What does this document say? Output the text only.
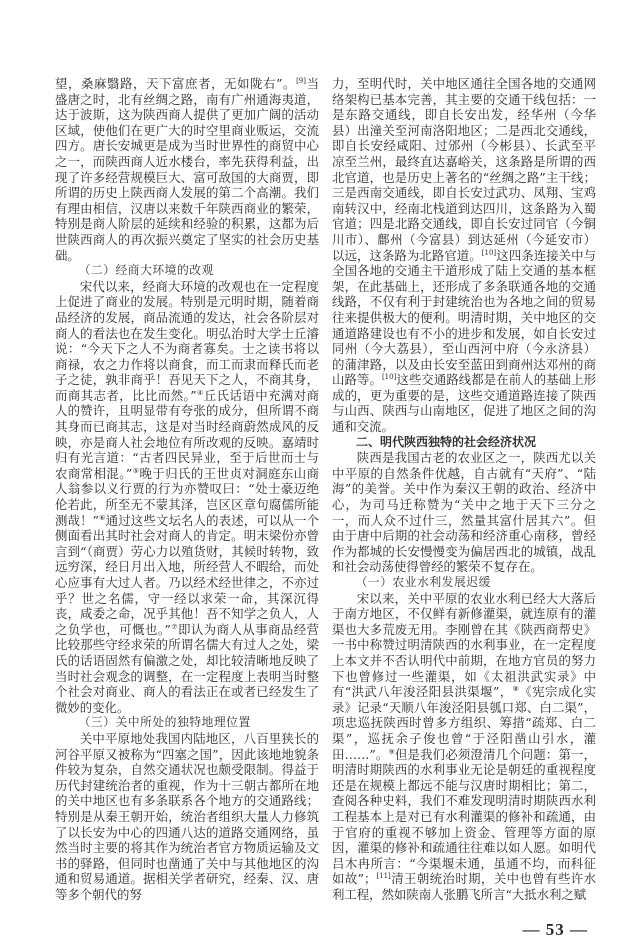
望，桑麻翳路，天下富庶者，无如陇右”。[9]当盛唐之时，北有丝绸之路，南有广州通海夷道，达于波斯，这为陕西商人提供了更加广阔的活动区域，使他们在更广大的时空里商业贩运，交流四方。唐长安城更是成为当时世界性的商贸中心之一，而陕西商人近水楼台，率先获得利益，出现了许多经营规模巨大、富可敌国的大商贾，即所谓的历史上陕西商人发展的第二个高潮。我们有理由相信，汉唐以来数千年陕西商业的繁荣，特别是商人阶层的延续和经验的积累，这都为后世陕西商人的再次振兴奠定了坚实的社会历史基础。

（二）经商大环境的改观

宋代以来，经商大环境的改观也在一定程度上促进了商业的发展。特别是元明时期，随着商品经济的发展，商品流通的发达，社会各阶层对商人的看法也在发生变化。明弘治时大学士丘濬说：“今天下之人不为商者寡矣。士之读书将以商禄，农之力作将以商食，而工而隶而释氏而老子之徒，孰非商乎！吾见天下之人，不商其身，而商其志者，比比而然。”④丘氏话语中充满对商人的赞许，且明显带有夸张的成分，但所谓不商其身而已商其志，这是对当时经商蔚然成风的反映，亦是商人社会地位有所改观的反映。嘉靖时归有光言道：“古者四民异业，至于后世而士与农商常相混。”⑤晚于归氏的王世贞对洞庭东山商人翁参以义行贾的行为亦赞叹曰：“处士豪迈绝伦若此，所至无不蒙其泽，岂区区章句腐儒所能测哉！”⑥通过这些文坛名人的表述，可以从一个侧面看出其时社会对商人的肯定。明末梁份亦曾言到“（商贾）劳心力以殖货财，其候时转物，致远穷深，经日月出入地，所经营人不暇给，而处心应事有大过人者。乃以经术经世律之，不亦过乎？世之名儒，守一经以求荣一命，其深沉得丧，咸委之命，况乎其他！吾不知学之负人，人之负学也，可慨也。”⑦即认为商人从事商品经营比较那些守经求荣的所谓名儒大有过人之处，梁氏的话语固然有偏激之处，却比较清晰地反映了当时社会观念的调整，在一定程度上表明当时整个社会对商业、商人的看法正在或者已经发生了微妙的变化。

（三）关中所处的独特地理位置

关中平原地处我国内陆地区，八百里狭长的河谷平原又被称为“四塞之国”，因此该地地貌条件较为复杂，自然交通状况也颇受限制。得益于历代封建统治者的重视，作为十三朝古都所在地的关中地区也有多条联系各个地方的交通路线；特别是从秦王朝开始，统治者组织大量人力修筑了以长安为中心的四通八达的道路交通网络，虽然当时主要的将其作为统治者官方物质运输及文书的驿路，但同时也凿通了关中与其他地区的沟通和贸易通道。据相关学者研究，经秦、汉、唐等多个朝代的努

力，至明代时，关中地区通往全国各地的交通网络架构已基本完善，其主要的交通干线包括：一是东路交通线，即自长安出发，经华州（今华县）出潼关至河南洛阳地区；二是西北交通线，即自长安经咸阳、过邠州（今彬县）、长武至平凉至兰州，最终直达嘉峪关，这条路是所谓的西北官道，也是历史上著名的“丝绸之路”主干线；三是西南交通线，即自长安过武功、凤翔、宝鸡南转汉中，经南北栈道到达四川，这条路为入蜀官道；四是北路交通线，即自长安过同官（今铜川市）、鄜州（今富县）到达延州（今延安市）以远，这条路为北路官道。[10]这四条连接关中与全国各地的交通主干道形成了陆上交通的基本框架，在此基础上，还形成了多条联通各地的交通线路，不仅有利于封建统治也为各地之间的贸易往来提供极大的便利。明清时期，关中地区的交通道路建设也有不小的进步和发展，如自长安过同州（今大荔县），至山西河中府（今永济县）的蒲津路，以及由长安至蓝田到商州达邓州的商山路等。[10]这些交通路线都是在前人的基础上形成的，更为重要的是，这些交通道路连接了陕西与山西、陕西与山南地区，促进了地区之间的沟通和交流。

二、明代陕西独特的社会经济状况

陕西是我国古老的农业区之一，陕西尤以关中平原的自然条件优越，自古就有“天府”、“陆海”的美誉。关中作为秦汉王朝的政治、经济中心，为司马迁称赞为“关中之地于天下三分之一，而人众不过什三，然量其富什居其六”。但由于唐中后期的社会动荡和经济重心南移，曾经作为都城的长安慢慢变为偏居西北的城镇，战乱和社会动荡使得曾经的繁荣不复存在。

（一）农业水利发展迟缓

宋以来，关中平原的农业水利已经大大落后于南方地区，不仅鲜有新修灌渠，就连原有的灌渠也大多荒废无用。李刚曾在其《陕西商帮史》一书中称赞过明清陕西的水利事业，在一定程度上本文并不否认明代中前期，在地方官员的努力下也曾修过一些灌渠，如《太祖洪武实录》中有“洪武八年浚泾阳县洪渠堰”，⑧《宪宗成化实录》记录“天顺八年浚泾阳县瓠口郑、白二渠”，项忠巡抚陕西时曾多方组织、筹措“疏郑、白二渠”，巡抚余子俊也曾“于泾阳凿山引水，灌田……”。⑨但是我们必须澄清几个问题：第一，明清时期陕西的水利事业无论是朝廷的重视程度还是在规模上都远不能与汉唐时期相比；第二，查阅各种史料，我们不难发现明清时期陕西水利工程基本上是对已有水利灌渠的修补和疏通，由于官府的重视不够加上资金、管理等方面的原因，灌渠的修补和疏通往往难以如人愿。如明代吕木冉所言：“今渠堰未通，虽通不均，而科征如故”；[11]清王朝统治时期，关中也曾有些许水利工程，然如陕南人张鹏飞所言“大抵水利之赋

— 53 —
